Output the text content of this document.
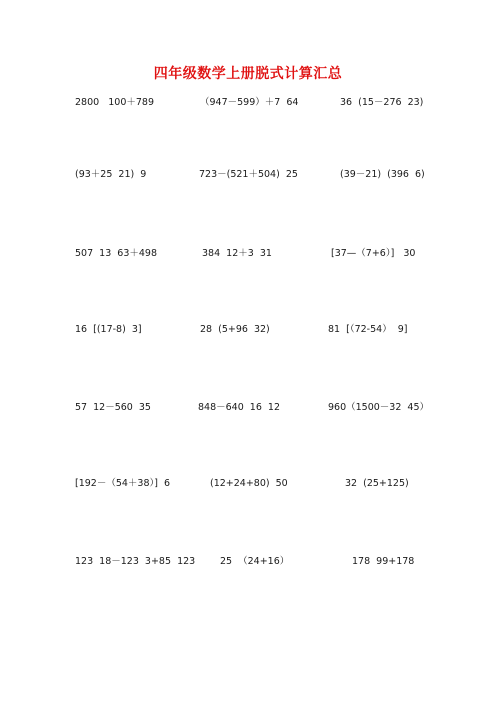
四年级数学上册脱式计算汇总
2800   100＋789	（947－599）＋7  64	36  (15－276  23)
(93＋25  21)  9	723－(521＋504)  25	(39－21)  (396  6)
507  13  63＋498	384  12＋3  31	[37—（7+6）]   30
16  [(17-8)  3]	28  (5+96  32)	81  [（72-54）  9]
57  12－560  35	848－640  16  12	960（1500－32  45）
[192－（54＋38）]  6	(12+24+80)  50	32  (25+125)
123  18－123  3+85  123	25  （24+16）	178  99+178
